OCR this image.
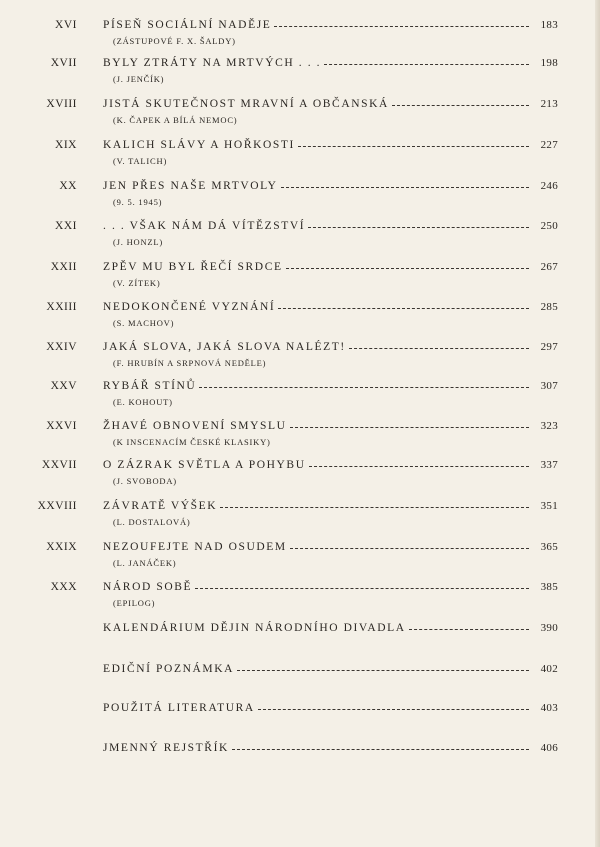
XVI PÍSEŇ SOCIÁLNÍ NADĚJE	183
(ZÁSTUPOVÉ F. X. ŠALDY)
XVII BYLY ZTRÁTY NA MRTVÝCH . . .	198
(J. JENČÍK)
XVIII JISTÁ SKUTEČNOST MRAVNÍ A OBČANSKÁ	213
(K. ČAPEK A BÍLÁ NEMOC)
XIX KALICH SLÁVY A HOŘKOSTI	227
(V. TALICH)
XX JEN PŘES NAŠE MRTVOLY	246
(9. 5. 1945)
XXI . . . VŠAK NÁM DÁ VÍTĚZSTVÍ	250
(J. HONZL)
XXII ZPĚV MU BYL ŘEČÍ SRDCE	267
(V. ZÍTEK)
XXIII NEDOKONČENÉ VYZNÁNÍ	285
(S. MACHOV)
XXIV JAKÁ SLOVA, JAKÁ SLOVA NALÉZT!	297
(F. HRUBÍN A SRPNOVÁ NEDĚLE)
XXV RYBÁŘ STÍNŮ	307
(E. KOHOUT)
XXVI ŽHAVÉ OBNOVENÍ SMYSLU	323
(K INSCENACÍM ČESKÉ KLASIKY)
XXVII O ZÁZRAK SVĚTLA A POHYBU	337
(J. SVOBODA)
XXVIII ZÁVRATĚ VÝŠEK	351
(L. DOSTALOVÁ)
XXIX NEZOUFEJTE NAD OSUDEM	365
(L. JANÁČEK)
XXX NÁROD SOBĚ	385
(EPILOG)
KALENDÁRIUM DĚJIN NÁRODNÍHO DIVADLA	390
EDIČNÍ POZNÁMKA	402
POUŽITÁ LITERATURA	403
JMENNÝ REJSTŘÍK	406
